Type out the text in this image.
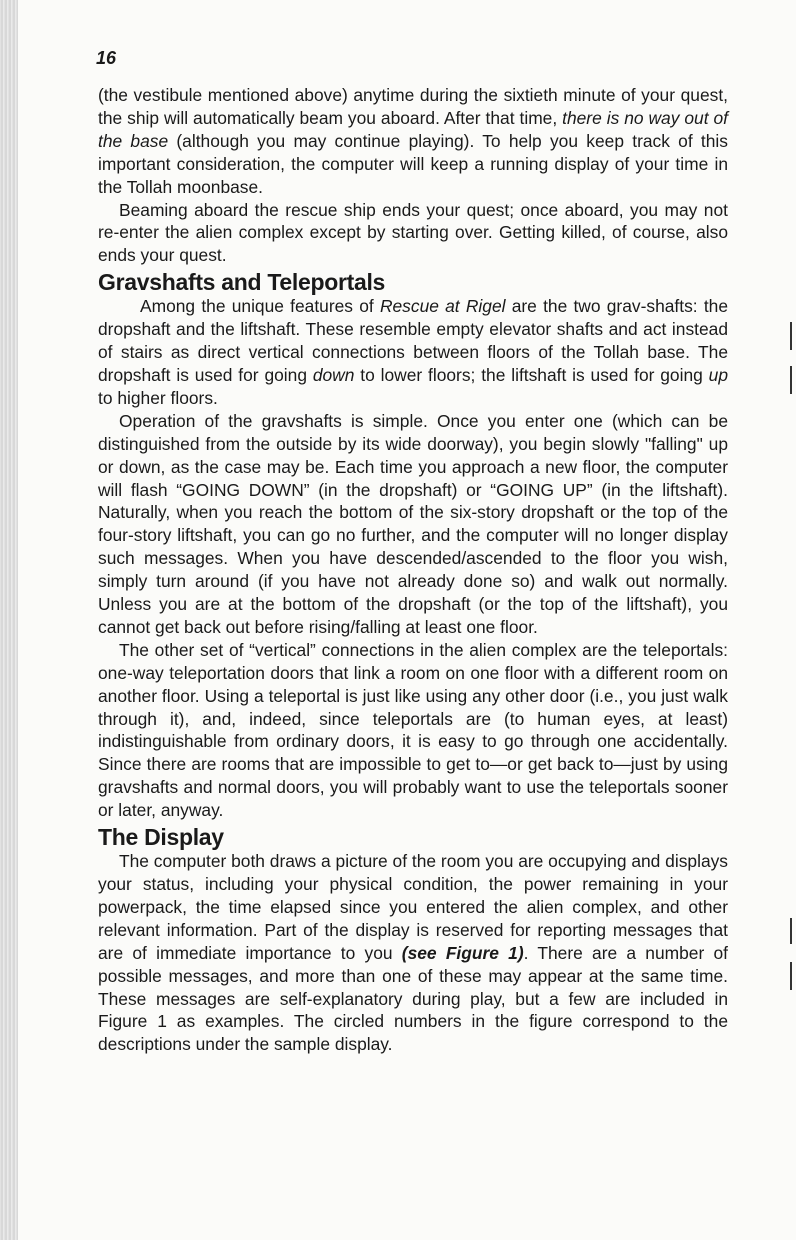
16

(the vestibule mentioned above) anytime during the sixtieth minute of your quest, the ship will automatically beam you aboard. After that time, there is no way out of the base (although you may continue playing). To help you keep track of this important consideration, the computer will keep a running display of your time in the Tollah moonbase.

Beaming aboard the rescue ship ends your quest; once aboard, you may not re-enter the alien complex except by starting over. Getting killed, of course, also ends your quest.

Gravshafts and Teleportals

Among the unique features of Rescue at Rigel are the two grav-shafts: the dropshaft and the liftshaft. These resemble empty elevator shafts and act instead of stairs as direct vertical connections between floors of the Tollah base. The dropshaft is used for going down to lower floors; the liftshaft is used for going up to higher floors.

Operation of the gravshafts is simple. Once you enter one (which can be distinguished from the outside by its wide doorway), you begin slowly "falling" up or down, as the case may be. Each time you approach a new floor, the computer will flash “GOING DOWN” (in the dropshaft) or “GOING UP” (in the liftshaft). Naturally, when you reach the bottom of the six-story dropshaft or the top of the four-story liftshaft, you can go no further, and the computer will no longer display such messages. When you have descended/ascended to the floor you wish, simply turn around (if you have not already done so) and walk out normally. Unless you are at the bottom of the dropshaft (or the top of the liftshaft), you cannot get back out before rising/falling at least one floor.

The other set of “vertical” connections in the alien complex are the teleportals: one-way teleportation doors that link a room on one floor with a different room on another floor. Using a teleportal is just like using any other door (i.e., you just walk through it), and, indeed, since teleportals are (to human eyes, at least) indistinguishable from ordinary doors, it is easy to go through one accidentally. Since there are rooms that are impossible to get to—or get back to—just by using gravshafts and normal doors, you will probably want to use the teleportals sooner or later, anyway.

The Display

The computer both draws a picture of the room you are occupying and displays your status, including your physical condition, the power remaining in your powerpack, the time elapsed since you entered the alien complex, and other relevant information. Part of the display is reserved for reporting messages that are of immediate importance to you (see Figure 1). There are a number of possible messages, and more than one of these may appear at the same time. These messages are self-explanatory during play, but a few are included in Figure 1 as examples. The circled numbers in the figure correspond to the descriptions under the sample display.
